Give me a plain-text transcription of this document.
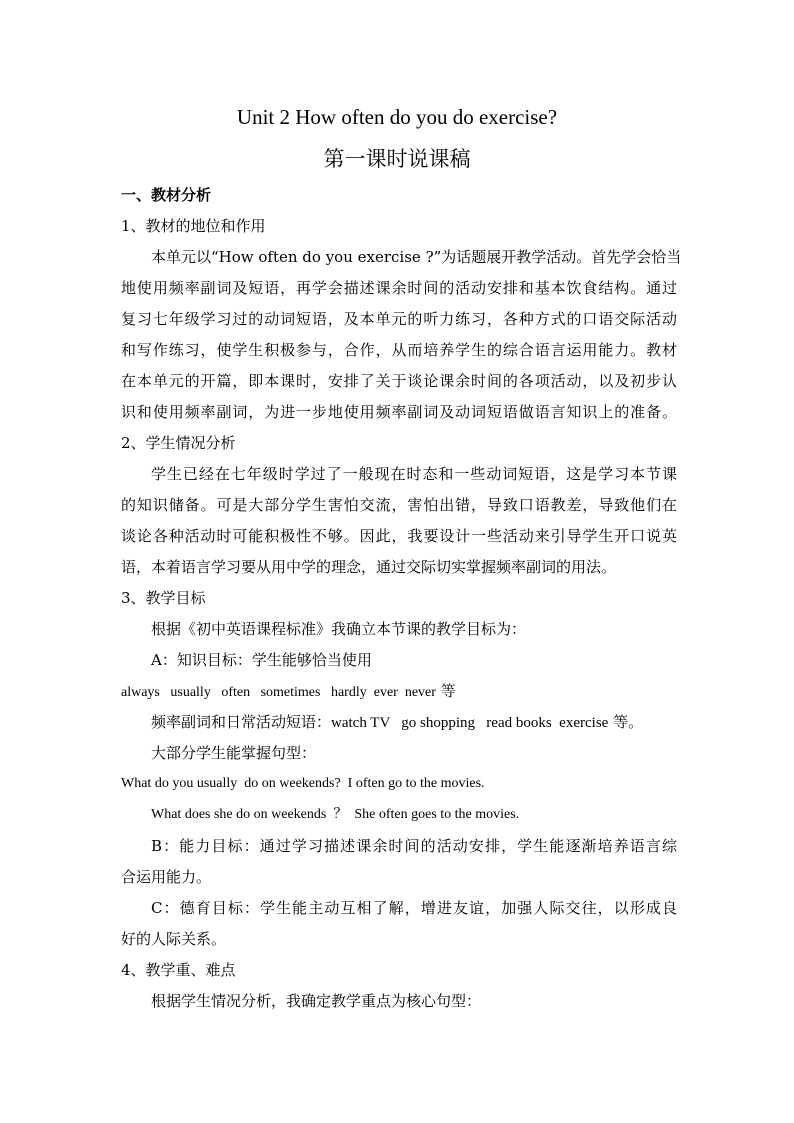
Unit 2 How often do you do exercise?
第一课时说课稿
一、教材分析
1、教材的地位和作用
本单元以“How often do you exercise ?”为话题展开教学活动。首先学会恰当
地使用频率副词及短语，再学会描述课余时间的活动安排和基本饮食结构。通过
复习七年级学习过的动词短语，及本单元的听力练习，各种方式的口语交际活动
和写作练习，使学生积极参与，合作，从而培养学生的综合语言运用能力。教材
在本单元的开篇，即本课时，安排了关于谈论课余时间的各项活动，以及初步认
识和使用频率副词，为进一步地使用频率副词及动词短语做语言知识上的准备。
2、学生情况分析
学生已经在七年级时学过了一般现在时态和一些动词短语，这是学习本节课
的知识储备。可是大部分学生害怕交流，害怕出错，导致口语教差，导致他们在
谈论各种活动时可能积极性不够。因此，我要设计一些活动来引导学生开口说英
语，本着语言学习要从用中学的理念，通过交际切实掌握频率副词的用法。
3、教学目标
根据《初中英语课程标准》我确立本节课的教学目标为：
A：知识目标：学生能够恰当使用
always   usually   often   sometimes   hardly  ever  never 等
频率副词和日常活动短语：watch TV   go shopping   read books  exercise 等。
大部分学生能掌握句型：
What do you usually  do on weekends?  I often go to the movies.
What does she do on weekends  ？  She often goes to the movies.
B：能力目标：通过学习描述课余时间的活动安排，学生能逐渐培养语言综
合运用能力。
C：德育目标：学生能主动互相了解，增进友谊，加强人际交往，以形成良
好的人际关系。
4、教学重、难点
根据学生情况分析，我确定教学重点为核心句型：
